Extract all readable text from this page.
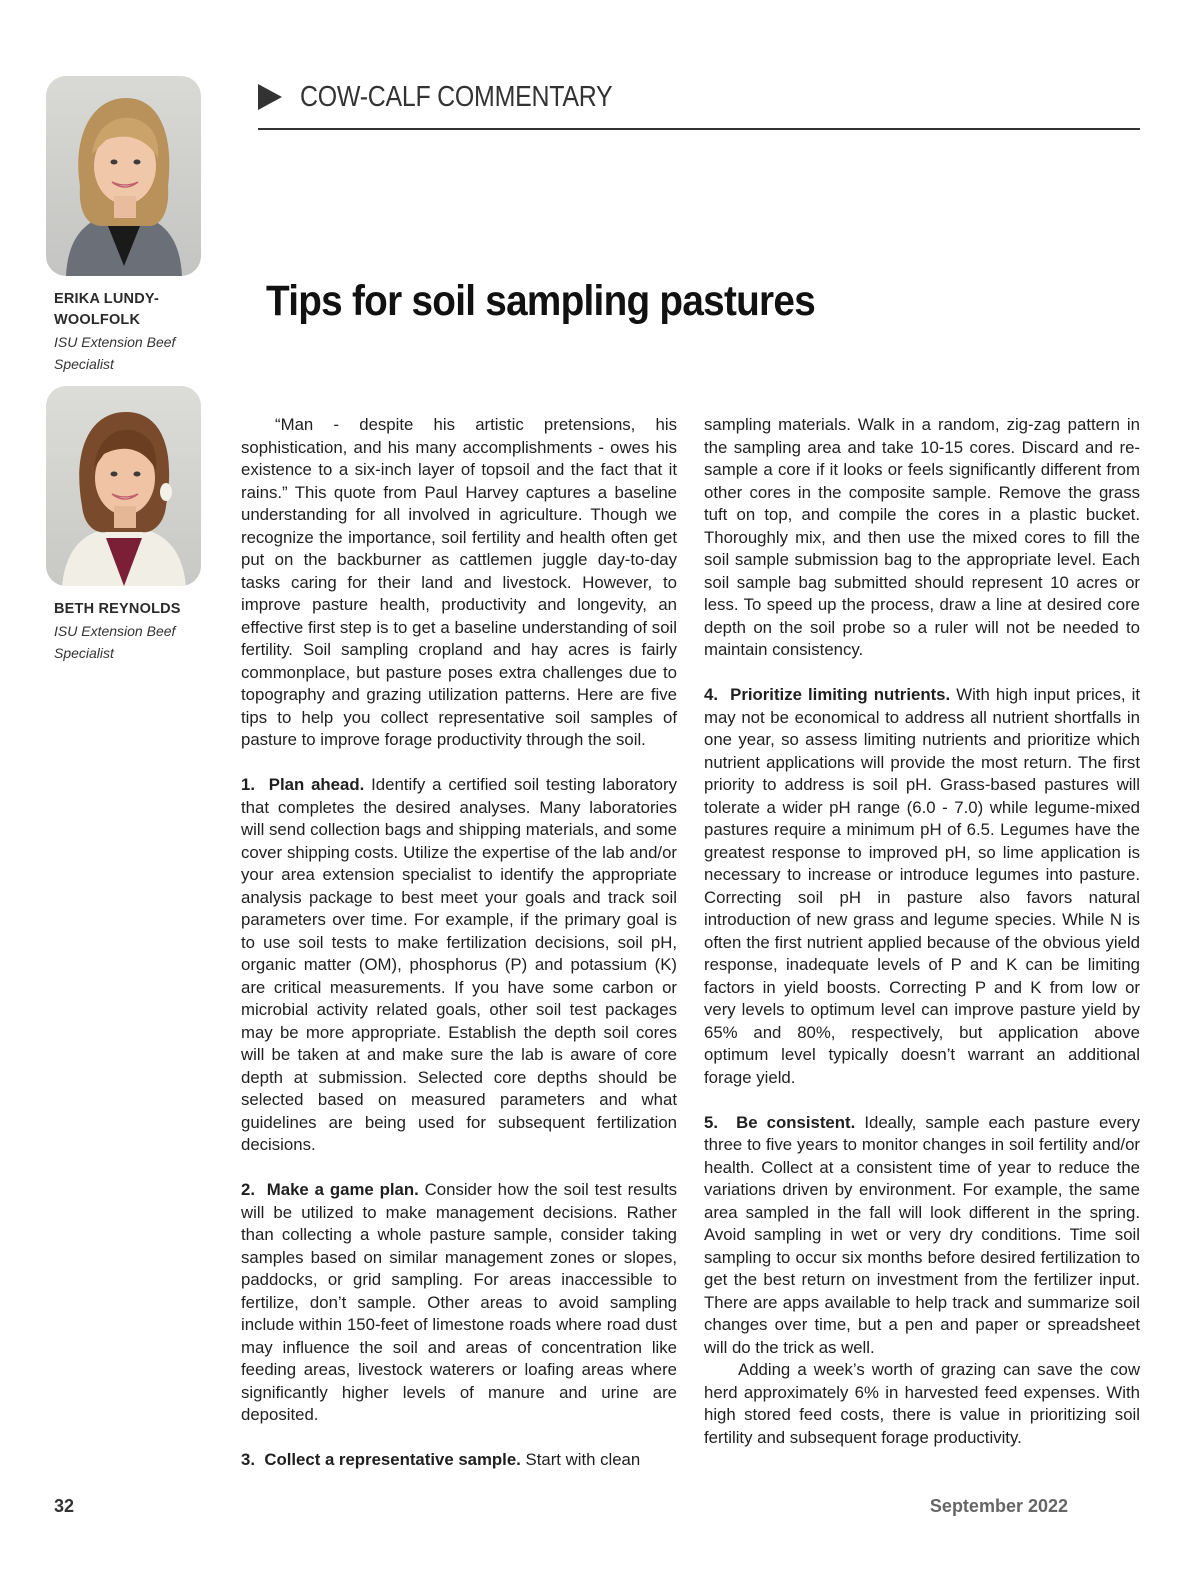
ERIKA LUNDY-
WOOLFOLK
ISU Extension Beef
Specialist
BETH REYNOLDS
ISU Extension Beef
Specialist
COW-CALF COMMENTARY
Tips for soil sampling pastures

“Man - despite his artistic pretensions, his sophistication, and his many accomplishments - owes his existence to a six-inch layer of topsoil and the fact that it rains.” This quote from Paul Harvey captures a baseline understanding for all involved in agriculture. Though we recognize the importance, soil fertility and health often get put on the backburner as cattlemen juggle day-to-day tasks caring for their land and livestock. However, to improve pasture health, productivity and longevity, an effective first step is to get a baseline understanding of soil fertility. Soil sampling cropland and hay acres is fairly commonplace, but pasture poses extra challenges due to topography and grazing utilization patterns. Here are five tips to help you collect representative soil samples of pasture to improve forage productivity through the soil.

1. Plan ahead. Identify a certified soil testing laboratory that completes the desired analyses. Many laboratories will send collection bags and shipping materials, and some cover shipping costs. Utilize the expertise of the lab and/or your area extension specialist to identify the appropriate analysis package to best meet your goals and track soil parameters over time. For example, if the primary goal is to use soil tests to make fertilization decisions, soil pH, organic matter (OM), phosphorus (P) and potassium (K) are critical measurements. If you have some carbon or microbial activity related goals, other soil test packages may be more appropriate. Establish the depth soil cores will be taken at and make sure the lab is aware of core depth at submission. Selected core depths should be selected based on measured parameters and what guidelines are being used for subsequent fertilization decisions.

2. Make a game plan. Consider how the soil test results will be utilized to make management decisions. Rather than collecting a whole pasture sample, consider taking samples based on similar management zones or slopes, paddocks, or grid sampling. For areas inaccessible to fertilize, don’t sample. Other areas to avoid sampling include within 150-feet of limestone roads where road dust may influence the soil and areas of concentration like feeding areas, livestock waterers or loafing areas where significantly higher levels of manure and urine are deposited.

3. Collect a representative sample. Start with clean

sampling materials. Walk in a random, zig-zag pattern in the sampling area and take 10-15 cores. Discard and re-sample a core if it looks or feels significantly different from other cores in the composite sample. Remove the grass tuft on top, and compile the cores in a plastic bucket. Thoroughly mix, and then use the mixed cores to fill the soil sample submission bag to the appropriate level. Each soil sample bag submitted should represent 10 acres or less. To speed up the process, draw a line at desired core depth on the soil probe so a ruler will not be needed to maintain consistency.

4. Prioritize limiting nutrients. With high input prices, it may not be economical to address all nutrient shortfalls in one year, so assess limiting nutrients and prioritize which nutrient applications will provide the most return. The first priority to address is soil pH. Grass-based pastures will tolerate a wider pH range (6.0 - 7.0) while legume-mixed pastures require a minimum pH of 6.5. Legumes have the greatest response to improved pH, so lime application is necessary to increase or introduce legumes into pasture. Correcting soil pH in pasture also favors natural introduction of new grass and legume species. While N is often the first nutrient applied because of the obvious yield response, inadequate levels of P and K can be limiting factors in yield boosts. Correcting P and K from low or very levels to optimum level can improve pasture yield by 65% and 80%, respectively, but application above optimum level typically doesn’t warrant an additional forage yield.

5. Be consistent. Ideally, sample each pasture every three to five years to monitor changes in soil fertility and/or health. Collect at a consistent time of year to reduce the variations driven by environment. For example, the same area sampled in the fall will look different in the spring. Avoid sampling in wet or very dry conditions. Time soil sampling to occur six months before desired fertilization to get the best return on investment from the fertilizer input. There are apps available to help track and summarize soil changes over time, but a pen and paper or spreadsheet will do the trick as well.

Adding a week’s worth of grazing can save the cow herd approximately 6% in harvested feed expenses. With high stored feed costs, there is value in prioritizing soil fertility and subsequent forage productivity.

32	September 2022
